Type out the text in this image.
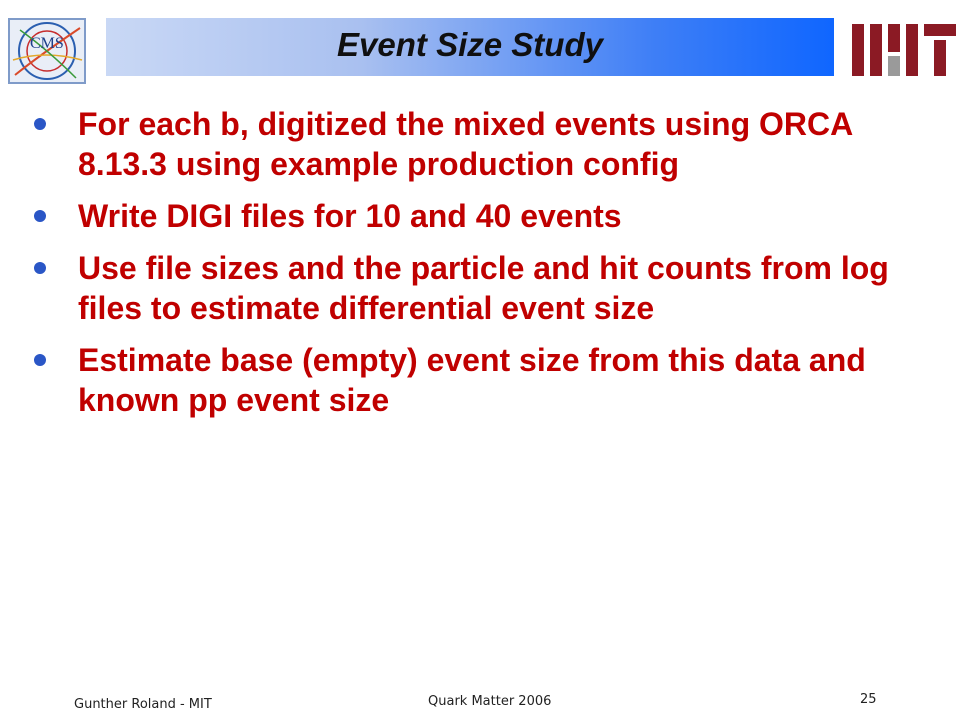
CMS	Event Size Study
For each b, digitized the mixed events using ORCA 8.13.3 using example production config
Write DIGI files for 10 and 40 events
Use file sizes and the particle and hit counts from log files to estimate differential event size
Estimate base (empty) event size from this data and known pp event size
Gunther Roland - MIT	Quark Matter 2006	25
